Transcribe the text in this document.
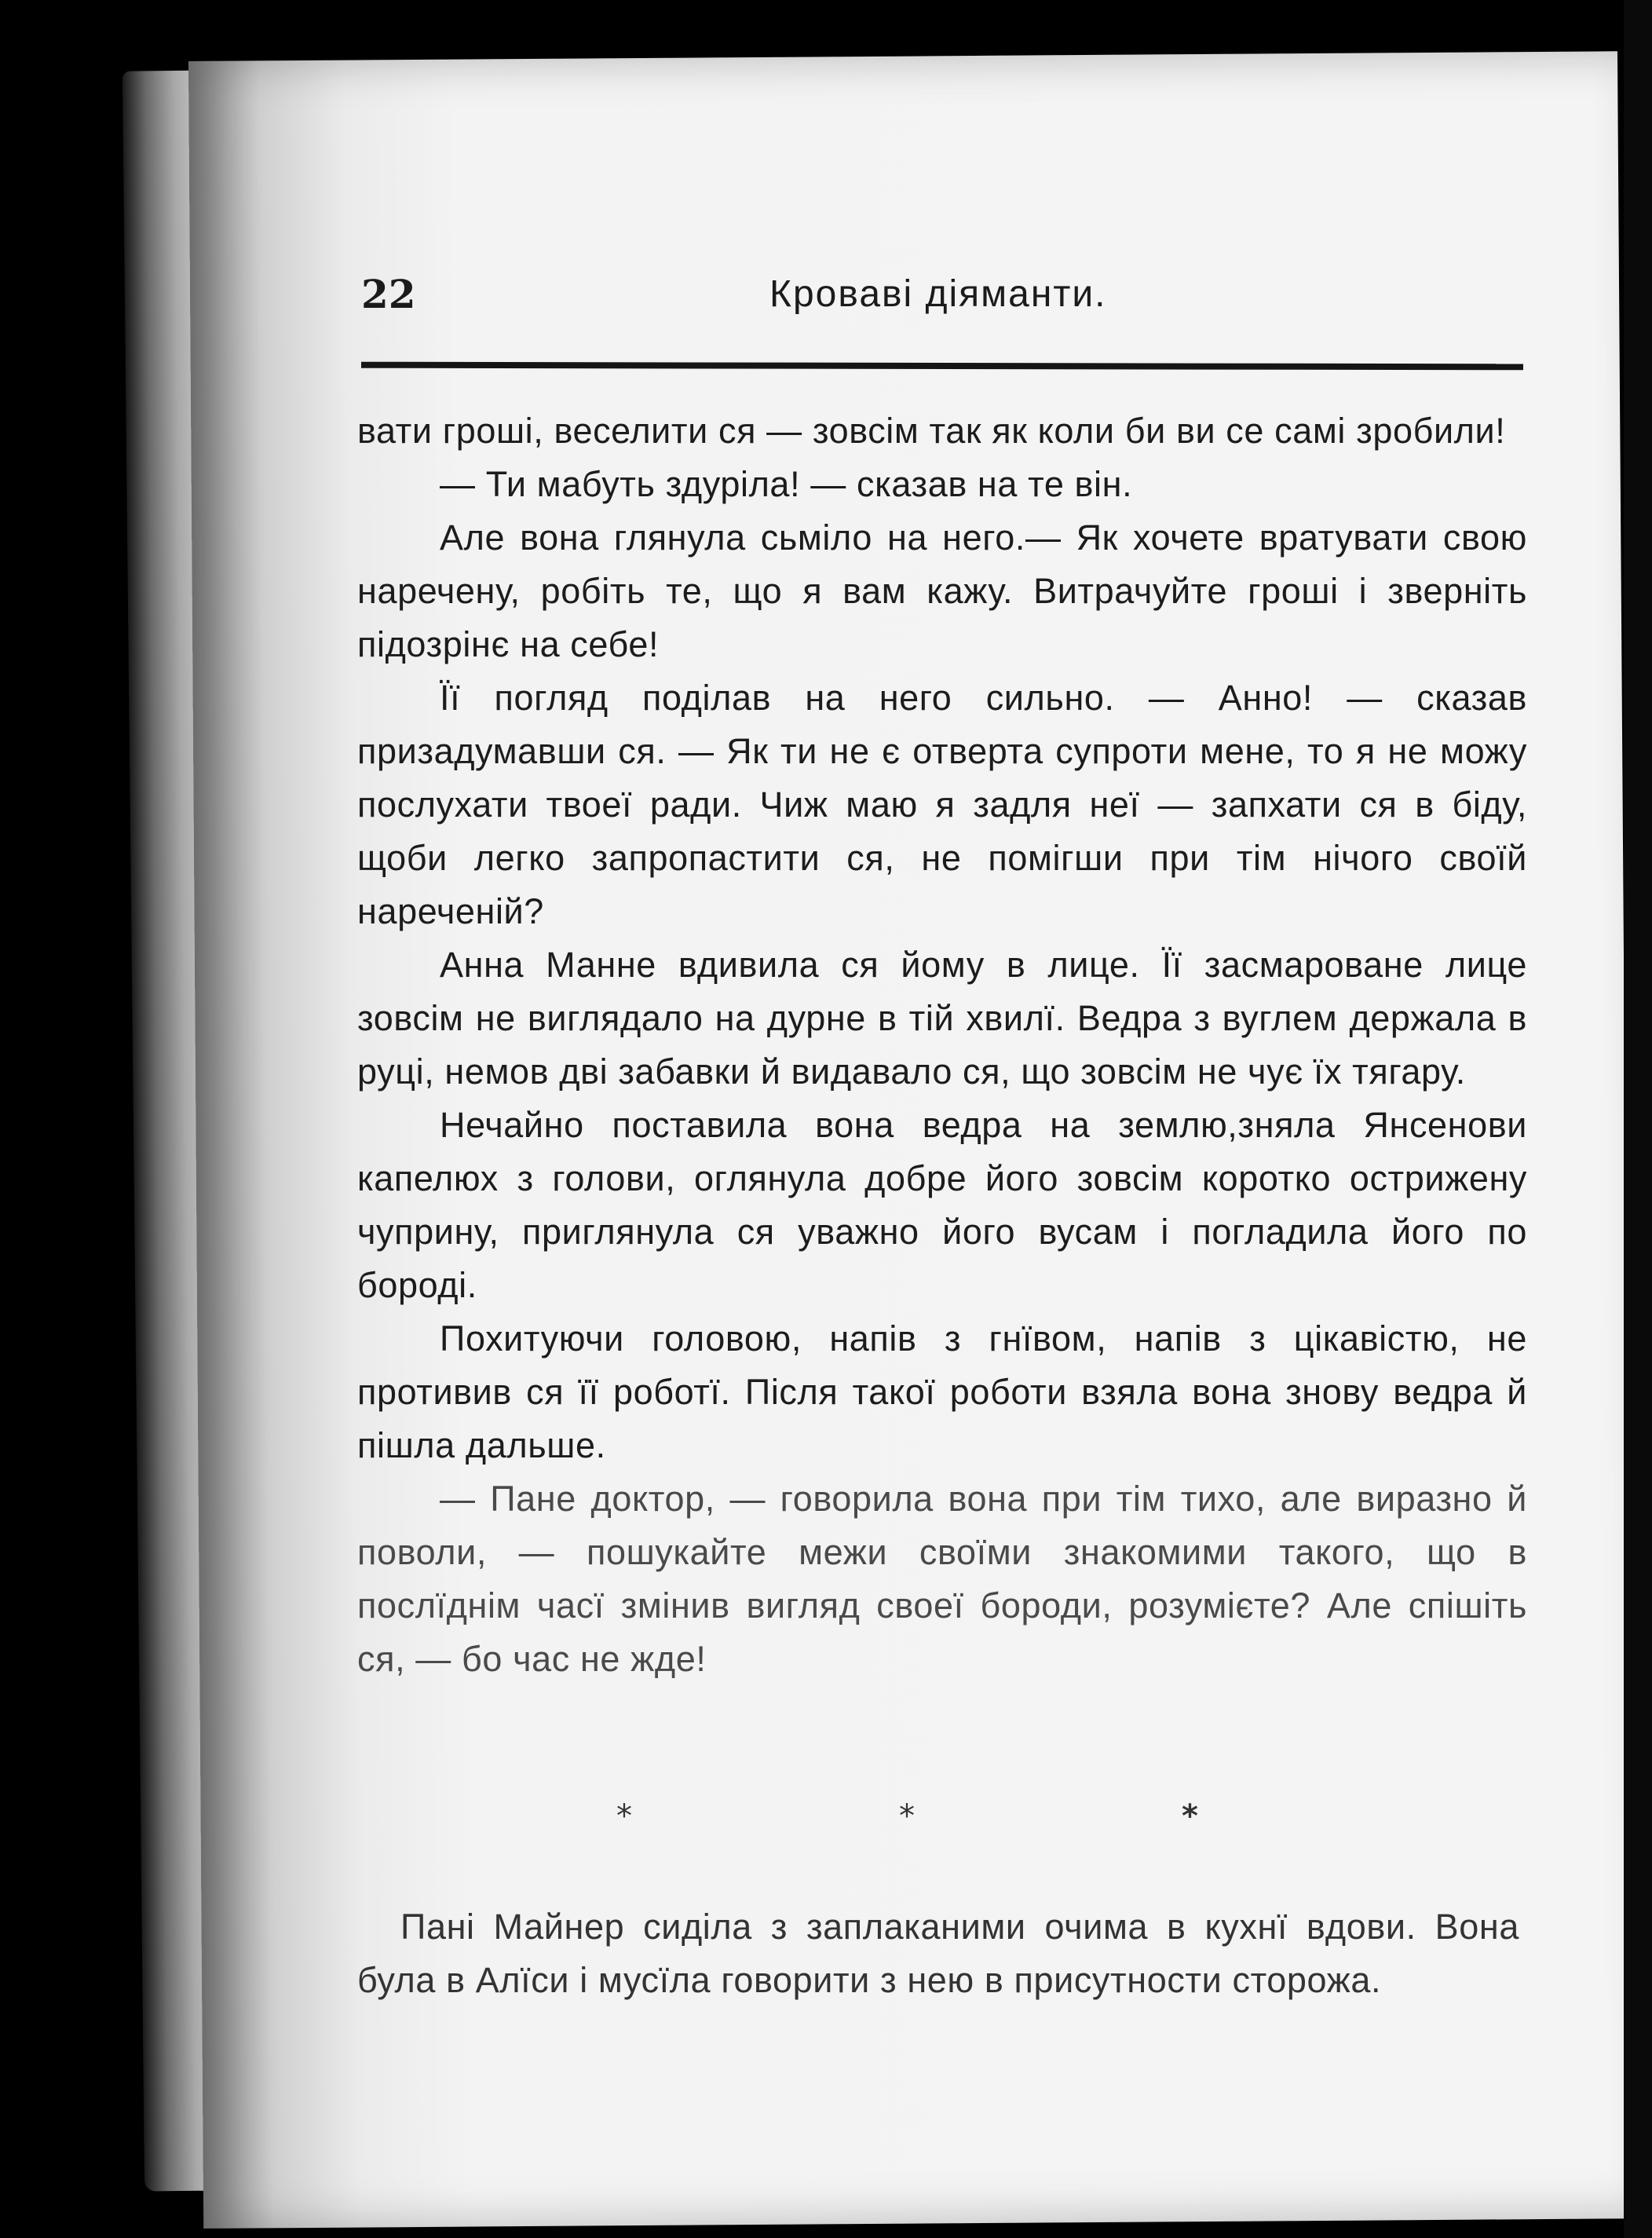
22	Кроваві діяманти.

вати гроші, веселити ся — зовсім так як коли би ви се самі зробили!

— Ти мабуть здуріла! — сказав на те він.

Але вона глянула сьміло на него.— Як хочете вратувати свою наречену, робіть те, що я вам кажу. Витрачуйте гроші і зверніть підозрінє на себе!

Її погляд поділав на него сильно. — Анно! — сказав призадумавши ся. — Як ти не є отверта супроти мене, то я не можу послухати твоеї ради. Чиж маю я задля неї — запхати ся в біду, щоби легко запропастити ся, не помігши при тім нічого своїй нареченій?

Анна Манне вдивила ся йому в лице. Її засмароване лице зовсім не виглядало на дурне в тій хвилї. Ведра з вуглем держала в руці, немов дві забавки й видавало ся, що зовсім не чує їх тягару.

Нечайно поставила вона ведра на землю,зняла Янсенови капелюх з голови, оглянула добре його зовсім коротко острижену чуприну, приглянула ся уважно його вусам і погладила його по бороді.

Похитуючи головою, напів з гнївом, напів з цікавістю, не противив ся її роботї. Після такої роботи взяла вона знову ведра й пішла дальше.

— Пане доктор, — говорила вона при тім тихо, але виразно й поволи, — пошукайте межи своїми знакомими такого, що в послїднім часї змінив вигляд своеї бороди, розумієте? Але спішіть ся, — бо час не жде!

*	*	*

Пані Майнер сиділа з заплаканими очима в кухнї вдови. Вона була в Алїси і мусїла говорити з нею в присутности сторожа.
